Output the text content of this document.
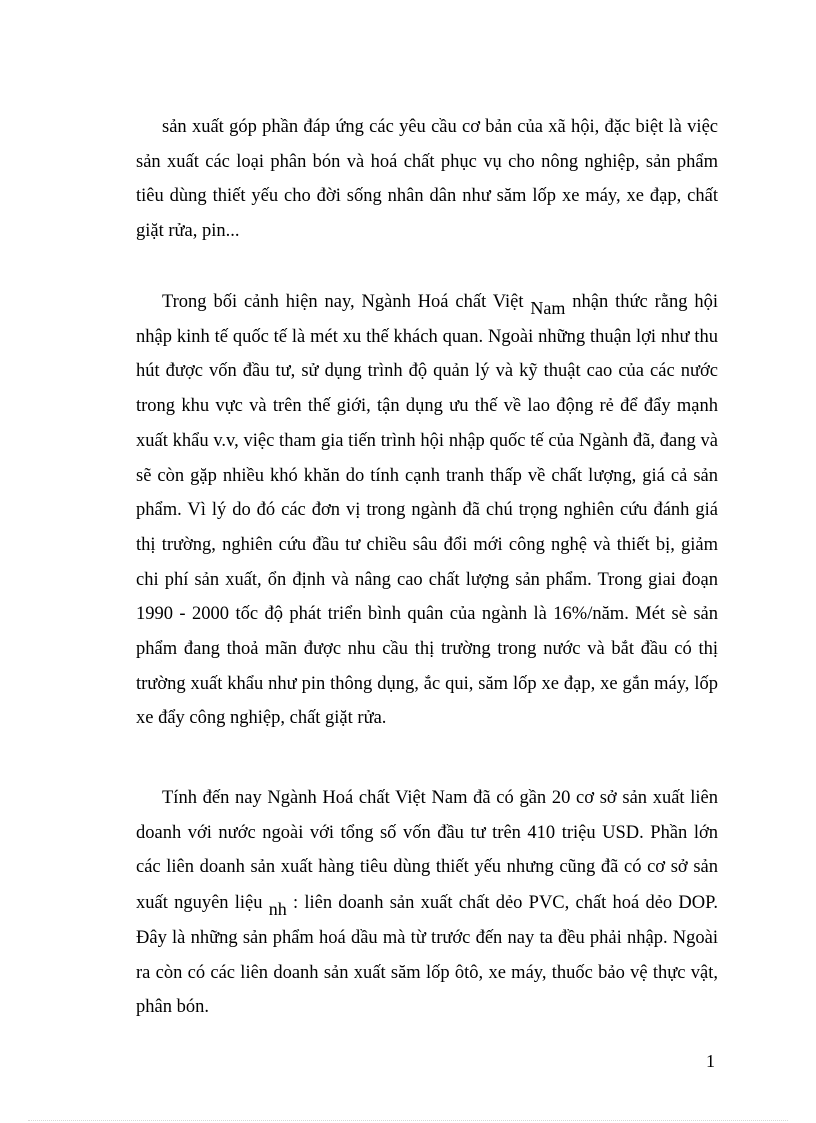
sản xuất góp phần đáp ứng các yêu cầu cơ bản của xã hội, đặc biệt là việc sản xuất các loại phân bón và hoá chất phục vụ cho nông nghiệp, sản phẩm tiêu dùng thiết yếu cho đời sống nhân dân như săm lốp xe máy, xe đạp, chất giặt rửa, pin...

Trong bối cảnh hiện nay, Ngành Hoá chất Việt Nam nhận thức rằng hội nhập kinh tế quốc tế là mét xu thế khách quan. Ngoài những thuận lợi như thu hút được vốn đầu tư, sử dụng trình độ quản lý và kỹ thuật cao của các nước trong khu vực và trên thế giới, tận dụng ưu thế về lao động rẻ để đẩy mạnh xuất khẩu v.v, việc tham gia tiến trình hội nhập quốc tế của Ngành đã, đang và sẽ còn gặp nhiều khó khăn do tính cạnh tranh thấp về chất lượng, giá cả sản phẩm. Vì lý do đó các đơn vị trong ngành đã chú trọng nghiên cứu đánh giá thị trường, nghiên cứu đầu tư chiều sâu đổi mới công nghệ và thiết bị, giảm chi phí sản xuất, ổn định và nâng cao chất lượng sản phẩm. Trong giai đoạn 1990 - 2000 tốc độ phát triển bình quân của ngành là 16%/năm. Mét sè sản phẩm đang thoả mãn được nhu cầu thị trường trong nước và bắt đầu có thị trường xuất khẩu như pin thông dụng, ắc qui, săm lốp xe đạp, xe gắn máy, lốp xe đẩy công nghiệp, chất giặt rửa.

Tính đến nay Ngành Hoá chất Việt Nam đã có gần 20 cơ sở sản xuất liên doanh với nước ngoài với tổng số vốn đầu tư trên 410 triệu USD. Phần lớn các liên doanh sản xuất hàng tiêu dùng thiết yếu nhưng cũng đã có cơ sở sản xuất nguyên liệu nh : liên doanh sản xuất chất dẻo PVC, chất hoá dẻo DOP. Đây là những sản phẩm hoá dầu mà từ trước đến nay ta đều phải nhập. Ngoài ra còn có các liên doanh sản xuất săm lốp ôtô, xe máy, thuốc bảo vệ thực vật, phân bón.

1
